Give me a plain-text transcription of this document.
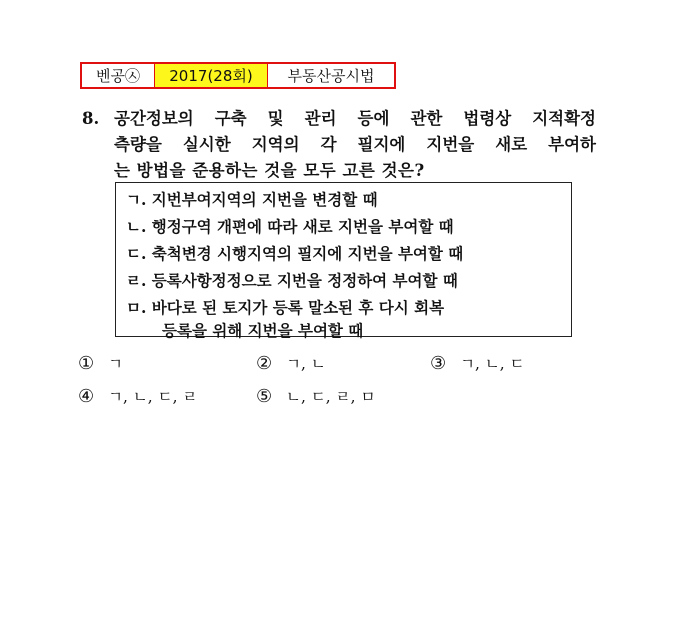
벤공㉦	2017(28회)	부동산공시법
8. 공간정보의 구축 및 관리 등에 관한 법령상 지적확정
측량을 실시한 지역의 각 필지에 지번을 새로 부여하
는 방법을 준용하는 것을 모두 고른 것은?
ㄱ. 지번부여지역의 지번을 변경할 때
ㄴ. 행정구역 개편에 따라 새로 지번을 부여할 때
ㄷ. 축척변경 시행지역의 필지에 지번을 부여할 때
ㄹ. 등록사항정정으로 지번을 정정하여 부여할 때
ㅁ. 바다로 된 토지가 등록 말소된 후 다시 회복
등록을 위해 지번을 부여할 때
① ㄱ	② ㄱ, ㄴ	③ ㄱ, ㄴ, ㄷ
④ ㄱ, ㄴ, ㄷ, ㄹ	⑤ ㄴ, ㄷ, ㄹ, ㅁ
